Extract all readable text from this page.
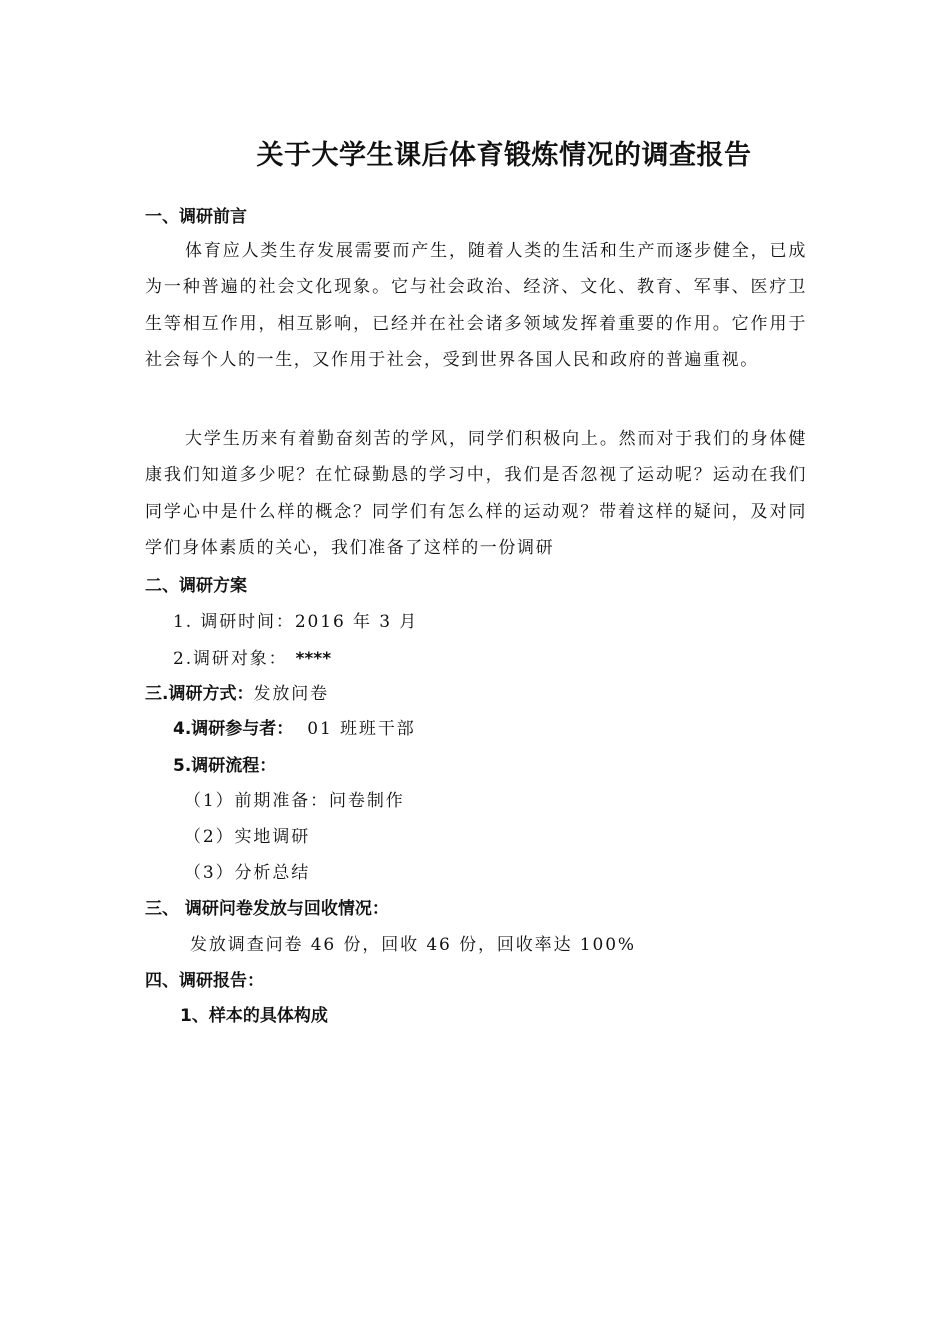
关于大学生课后体育锻炼情况的调查报告
一、调研前言
体育应人类生存发展需要而产生，随着人类的生活和生产而逐步健全，已成为一种普遍的社会文化现象。它与社会政治、经济、文化、教育、军事、医疗卫生等相互作用，相互影响，已经并在社会诸多领域发挥着重要的作用。它作用于社会每个人的一生，又作用于社会，受到世界各国人民和政府的普遍重视。
大学生历来有着勤奋刻苦的学风，同学们积极向上。然而对于我们的身体健康我们知道多少呢？在忙碌勤恳的学习中，我们是否忽视了运动呢？运动在我们同学心中是什么样的概念？同学们有怎么样的运动观？带着这样的疑问，及对同学们身体素质的关心，我们准备了这样的一份调研
二、调研方案
1. 调研时间：2016 年 3 月
2.调研对象： ****
三.调研方式：发放问卷
4.调研参与者： 01 班班干部
5.调研流程：
（1）前期准备：问卷制作
（2）实地调研
（3）分析总结
三、 调研问卷发放与回收情况：
发放调查问卷 46 份，回收 46 份，回收率达 100%
四、调研报告：
1、样本的具体构成
